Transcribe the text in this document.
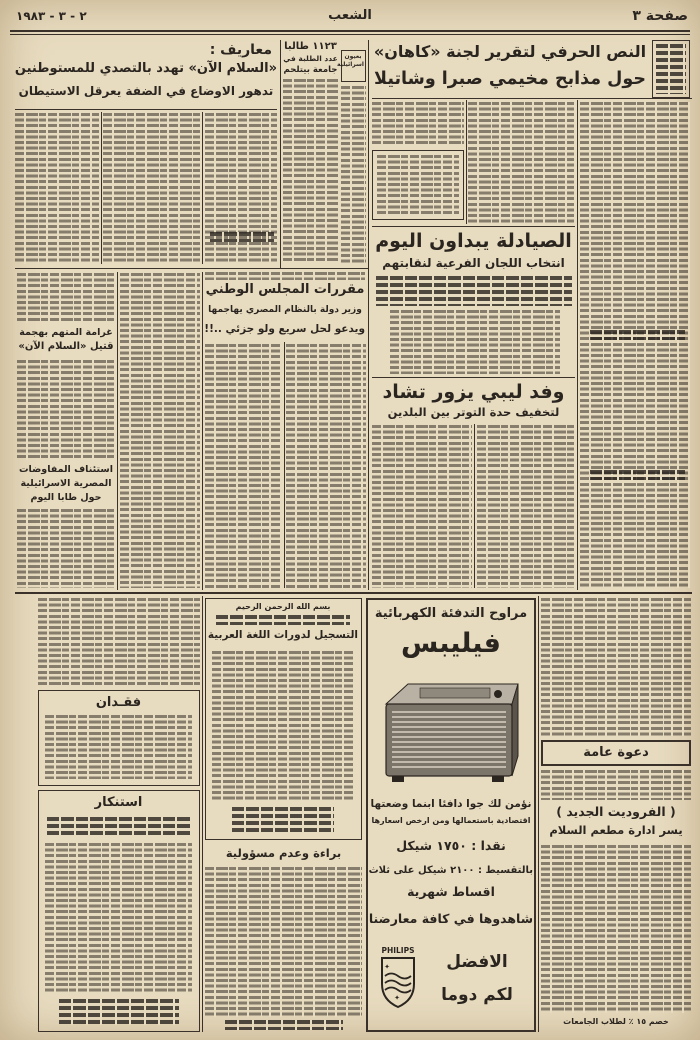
صفحة ٣
الشعب
٢ - ٣ - ١٩٨٣
النص الحرفي لتقرير لجنة «كاهان»
حول مذابح مخيمي صبرا وشاتيلا
الصيادلة يبداون اليوم
انتخاب اللجان الفرعية لنقابتهم
وفد ليبي يزور تشاد
لتخفيف حدة التوتر بين البلدين
معاريف :
«السلام الآن» تهدد بالتصدي للمستوطنين
تدهور الاوضاع في الضفة يعرقل الاستيطان
١١٢٣ طالبا
عدد الطلبة في
جامعة بيتلحم
بعيون اسرائيلية
مقررات المجلس الوطني
وزير دولة بالنظام المصري يهاجمها
ويدعو لحل سريع ولو جزئي ..!!
غرامة المتهم بهجمة
قتيل «السلام الآن»
استئناف المفاوضات
المصرية الاسرائيلية
حول طابا اليوم
فقـدان
استنكار
بسم الله الرحمن الرحيم
التسجيل لدورات اللغة العربية
براءة وعدم مسؤولية
مراوح التدفئة الكهربائية
فيليبس
نؤمن لك جوا دافئا ابنما وضعتها
اقتصادية باستعمالها ومن ارخص اسعارها
نقدا : ١٧٥٠ شيكل
بالتقسيط : ٢١٠٠ شيكل على ثلاث
اقساط شهرية
شاهدوها في كافة معارضنا
PHILIPS
✦
✦
الافضل
لكم دوما
دعوة عامة
( الفروديت الجديد )
يسر ادارة مطعم السلام
خصم ١٥ ٪ لطلاب الجامعات
